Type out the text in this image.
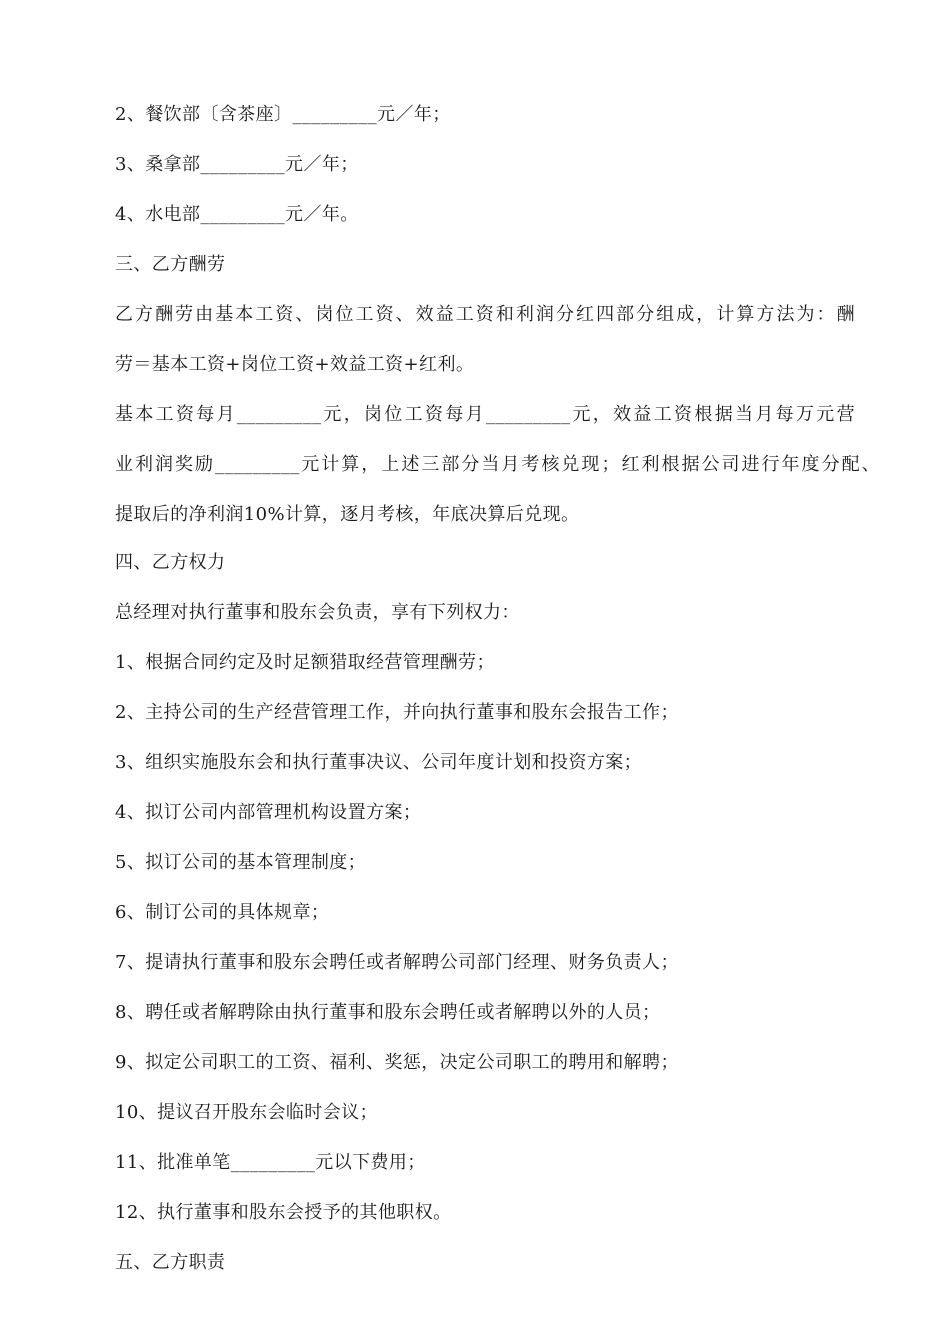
2、餐饮部〔含茶座〕_________元／年；
3、桑拿部_________元／年；
4、水电部_________元／年。
三、乙方酬劳
乙方酬劳由基本工资、岗位工资、效益工资和利润分红四部分组成，计算方法为：酬
劳＝基本工资+岗位工资+效益工资+红利。
基本工资每月_________元，岗位工资每月_________元，效益工资根据当月每万元营
业利润奖励_________元计算，上述三部分当月考核兑现；红利根据公司进行年度分配、
提取后的净利润10%计算，逐月考核，年底决算后兑现。
四、乙方权力
总经理对执行董事和股东会负责，享有下列权力：
1、根据合同约定及时足额猎取经营管理酬劳；
2、主持公司的生产经营管理工作，并向执行董事和股东会报告工作；
3、组织实施股东会和执行董事决议、公司年度计划和投资方案；
4、拟订公司内部管理机构设置方案；
5、拟订公司的基本管理制度；
6、制订公司的具体规章；
7、提请执行董事和股东会聘任或者解聘公司部门经理、财务负责人；
8、聘任或者解聘除由执行董事和股东会聘任或者解聘以外的人员；
9、拟定公司职工的工资、福利、奖惩，决定公司职工的聘用和解聘；
10、提议召开股东会临时会议；
11、批准单笔_________元以下费用；
12、执行董事和股东会授予的其他职权。
五、乙方职责
